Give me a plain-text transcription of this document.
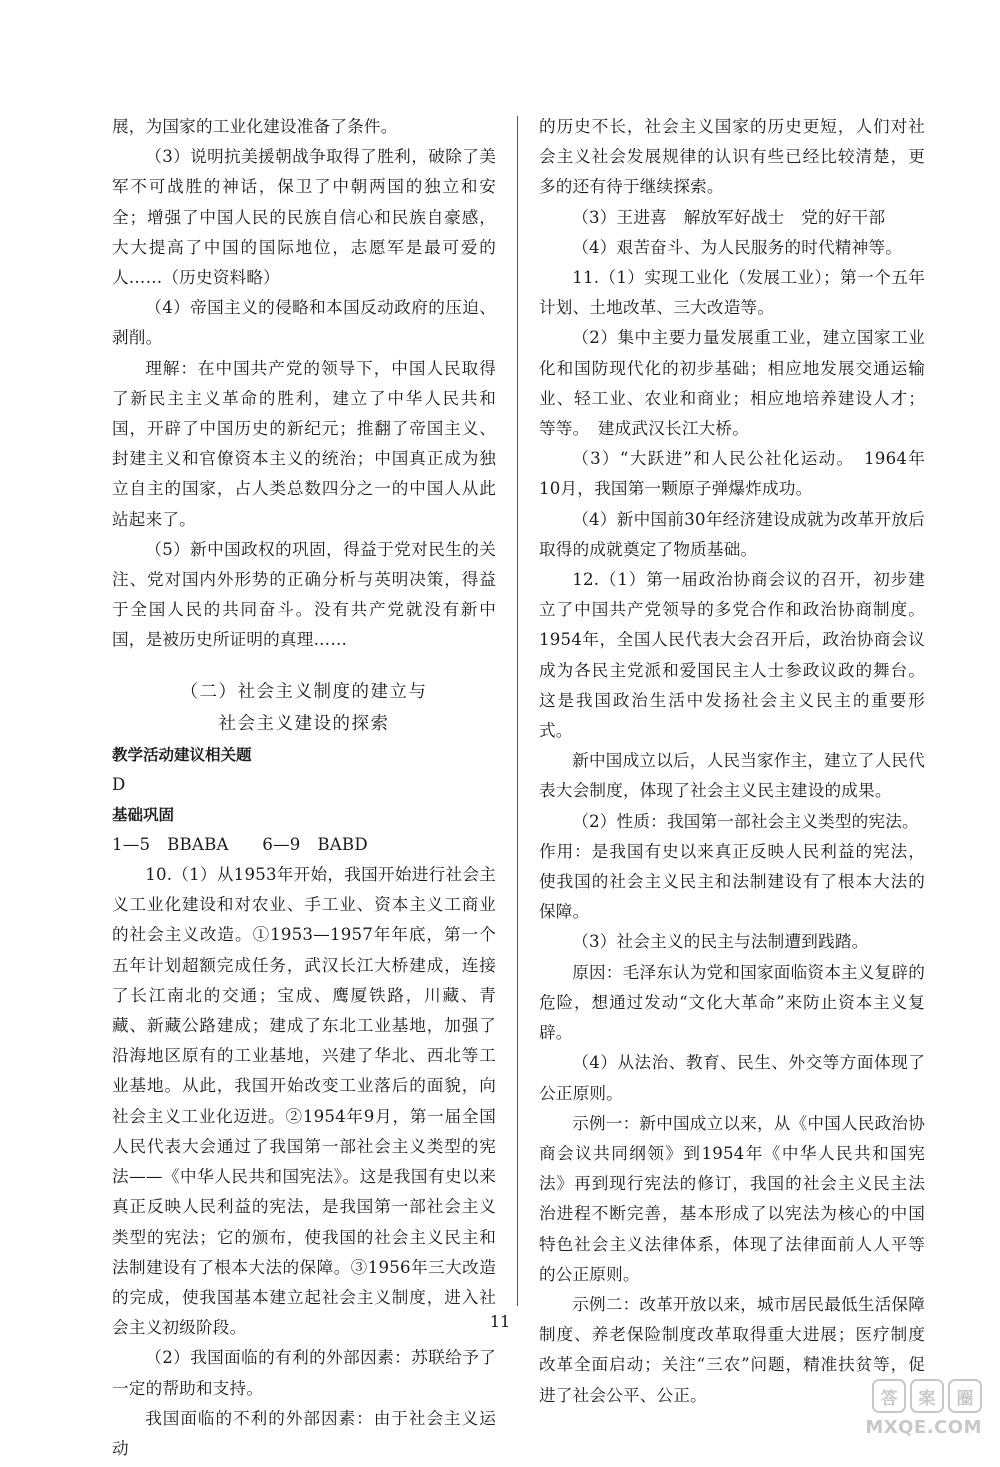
展，为国家的工业化建设准备了条件。

（3）说明抗美援朝战争取得了胜利，破除了美军不可战胜的神话，保卫了中朝两国的独立和安全；增强了中国人民的民族自信心和民族自豪感，大大提高了中国的国际地位，志愿军是最可爱的人……（历史资料略）

（4）帝国主义的侵略和本国反动政府的压迫、剥削。

理解：在中国共产党的领导下，中国人民取得了新民主主义革命的胜利，建立了中华人民共和国，开辟了中国历史的新纪元；推翻了帝国主义、封建主义和官僚资本主义的统治；中国真正成为独立自主的国家，占人类总数四分之一的中国人从此站起来了。

（5）新中国政权的巩固，得益于党对民生的关注、党对国内外形势的正确分析与英明决策，得益于全国人民的共同奋斗。没有共产党就没有新中国，是被历史所证明的真理……

（二）社会主义制度的建立与

社会主义建设的探索

教学活动建议相关题

D

基础巩固

1—5　BBABA　　6—9　BABD

10.（1）从1953年开始，我国开始进行社会主义工业化建设和对农业、手工业、资本主义工商业的社会主义改造。①1953—1957年年底，第一个五年计划超额完成任务，武汉长江大桥建成，连接了长江南北的交通；宝成、鹰厦铁路，川藏、青藏、新藏公路建成；建成了东北工业基地，加强了沿海地区原有的工业基地，兴建了华北、西北等工业基地。从此，我国开始改变工业落后的面貌，向社会主义工业化迈进。②1954年9月，第一届全国人民代表大会通过了我国第一部社会主义类型的宪法——《中华人民共和国宪法》。这是我国有史以来真正反映人民利益的宪法，是我国第一部社会主义类型的宪法；它的颁布，使我国的社会主义民主和法制建设有了根本大法的保障。③1956年三大改造的完成，使我国基本建立起社会主义制度，进入社会主义初级阶段。

（2）我国面临的有利的外部因素：苏联给予了一定的帮助和支持。

我国面临的不利的外部因素：由于社会主义运动

的历史不长，社会主义国家的历史更短，人们对社会主义社会发展规律的认识有些已经比较清楚，更多的还有待于继续探索。

（3）王进喜　解放军好战士　党的好干部

（4）艰苦奋斗、为人民服务的时代精神等。

11.（1）实现工业化（发展工业）；第一个五年计划、土地改革、三大改造等。

（2）集中主要力量发展重工业，建立国家工业化和国防现代化的初步基础；相应地发展交通运输业、轻工业、农业和商业；相应地培养建设人才；等等。　建成武汉长江大桥。

（3）“大跃进”和人民公社化运动。　1964年10月，我国第一颗原子弹爆炸成功。

（4）新中国前30年经济建设成就为改革开放后取得的成就奠定了物质基础。

12.（1）第一届政治协商会议的召开，初步建立了中国共产党领导的多党合作和政治协商制度。1954年，全国人民代表大会召开后，政治协商会议成为各民主党派和爱国民主人士参政议政的舞台。这是我国政治生活中发扬社会主义民主的重要形式。

新中国成立以后，人民当家作主，建立了人民代表大会制度，体现了社会主义民主建设的成果。

（2）性质：我国第一部社会主义类型的宪法。

作用：是我国有史以来真正反映人民利益的宪法，使我国的社会主义民主和法制建设有了根本大法的保障。

（3）社会主义的民主与法制遭到践踏。

原因：毛泽东认为党和国家面临资本主义复辟的危险，想通过发动“文化大革命”来防止资本主义复辟。

（4）从法治、教育、民生、外交等方面体现了公正原则。

示例一：新中国成立以来，从《中国人民政治协商会议共同纲领》到1954年《中华人民共和国宪法》再到现行宪法的修订，我国的社会主义民主法治进程不断完善，基本形成了以宪法为核心的中国特色社会主义法律体系，体现了法律面前人人平等的公正原则。

示例二：改革开放以来，城市居民最低生活保障制度、养老保险制度改革取得重大进展；医疗制度改革全面启动；关注“三农”问题，精准扶贫等，促进了社会公平、公正。

11
答	案	圈
MXQE.COM
